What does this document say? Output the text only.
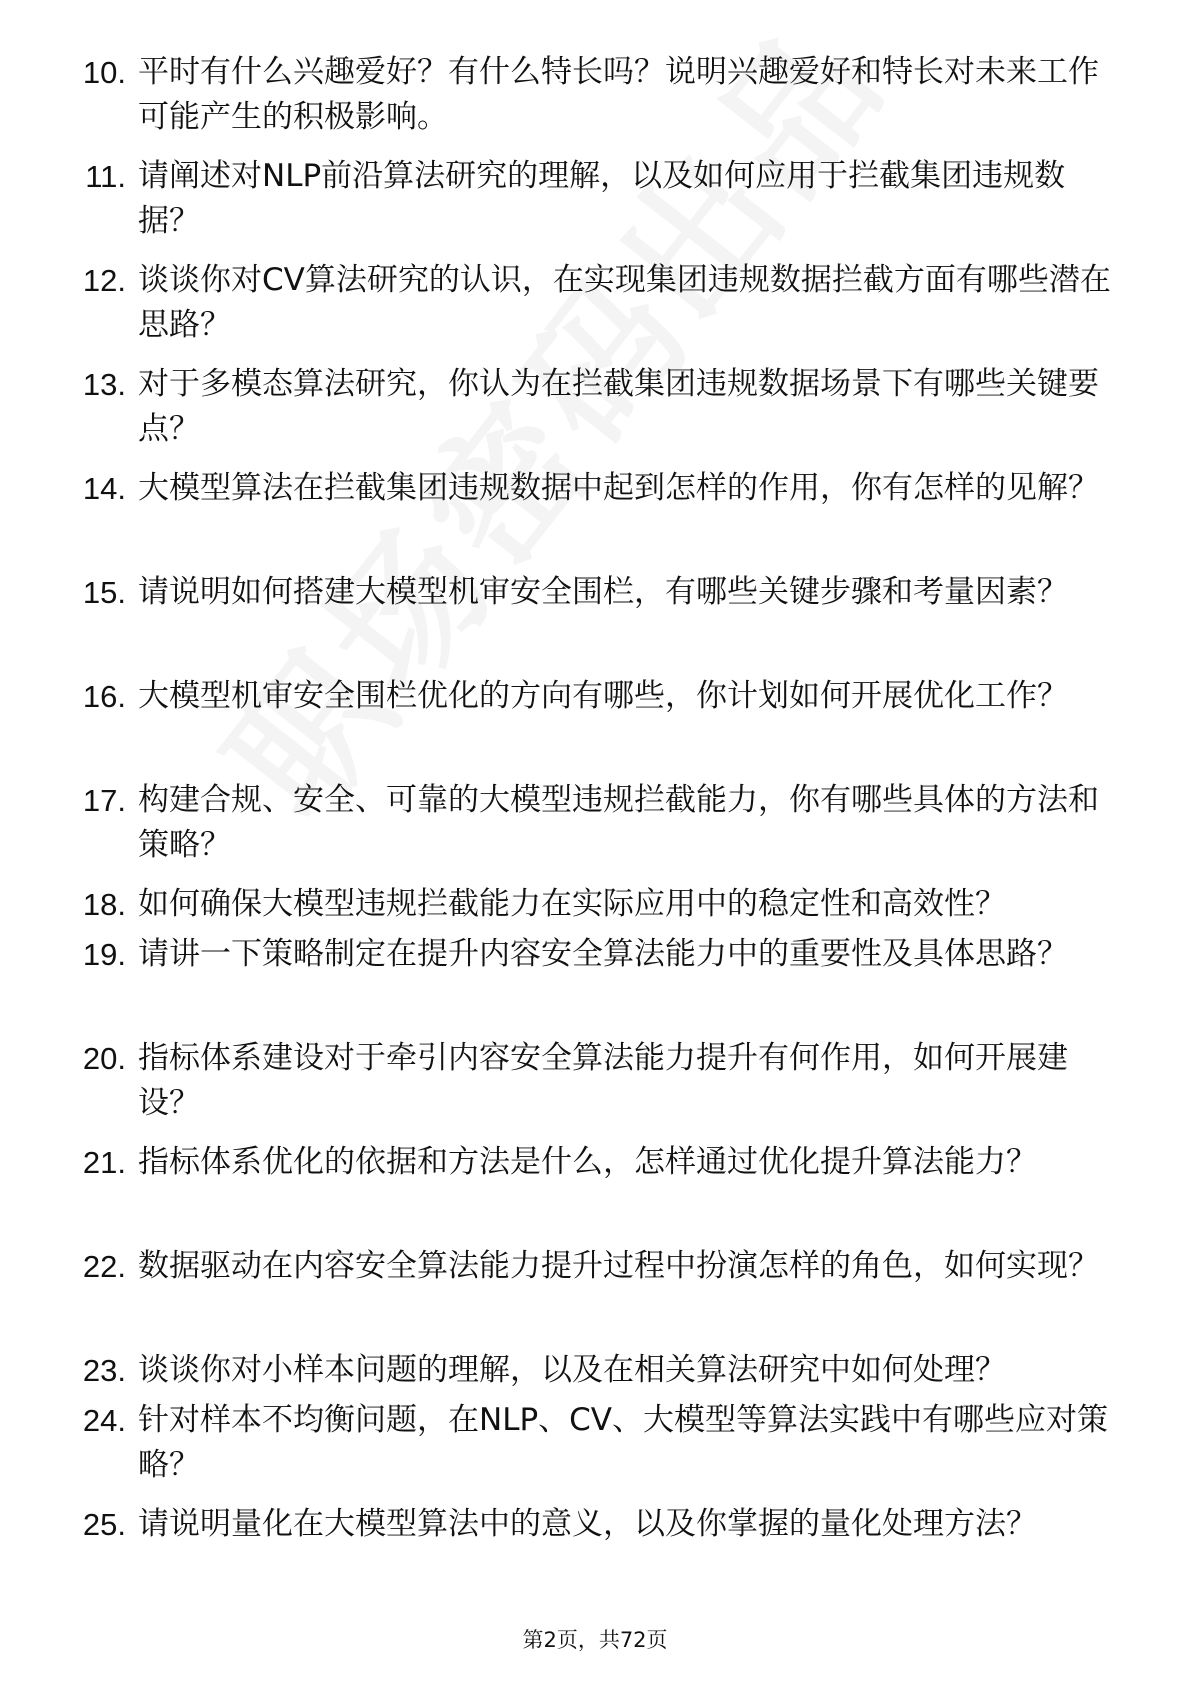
10. 平时有什么兴趣爱好？有什么特长吗？说明兴趣爱好和特长对未来工作可能产生的积极影响。
11. 请阐述对NLP前沿算法研究的理解，以及如何应用于拦截集团违规数据？
12. 谈谈你对CV算法研究的认识，在实现集团违规数据拦截方面有哪些潜在思路？
13. 对于多模态算法研究，你认为在拦截集团违规数据场景下有哪些关键要点？
14. 大模型算法在拦截集团违规数据中起到怎样的作用，你有怎样的见解？
15. 请说明如何搭建大模型机审安全围栏，有哪些关键步骤和考量因素？
16. 大模型机审安全围栏优化的方向有哪些，你计划如何开展优化工作？
17. 构建合规、安全、可靠的大模型违规拦截能力，你有哪些具体的方法和策略？
18. 如何确保大模型违规拦截能力在实际应用中的稳定性和高效性？
19. 请讲一下策略制定在提升内容安全算法能力中的重要性及具体思路？
20. 指标体系建设对于牵引内容安全算法能力提升有何作用，如何开展建设？
21. 指标体系优化的依据和方法是什么，怎样通过优化提升算法能力？
22. 数据驱动在内容安全算法能力提升过程中扮演怎样的角色，如何实现？
23. 谈谈你对小样本问题的理解，以及在相关算法研究中如何处理？
24. 针对样本不均衡问题，在NLP、CV、大模型等算法实践中有哪些应对策略？
25. 请说明量化在大模型算法中的意义，以及你掌握的量化处理方法？
第2页，共72页
